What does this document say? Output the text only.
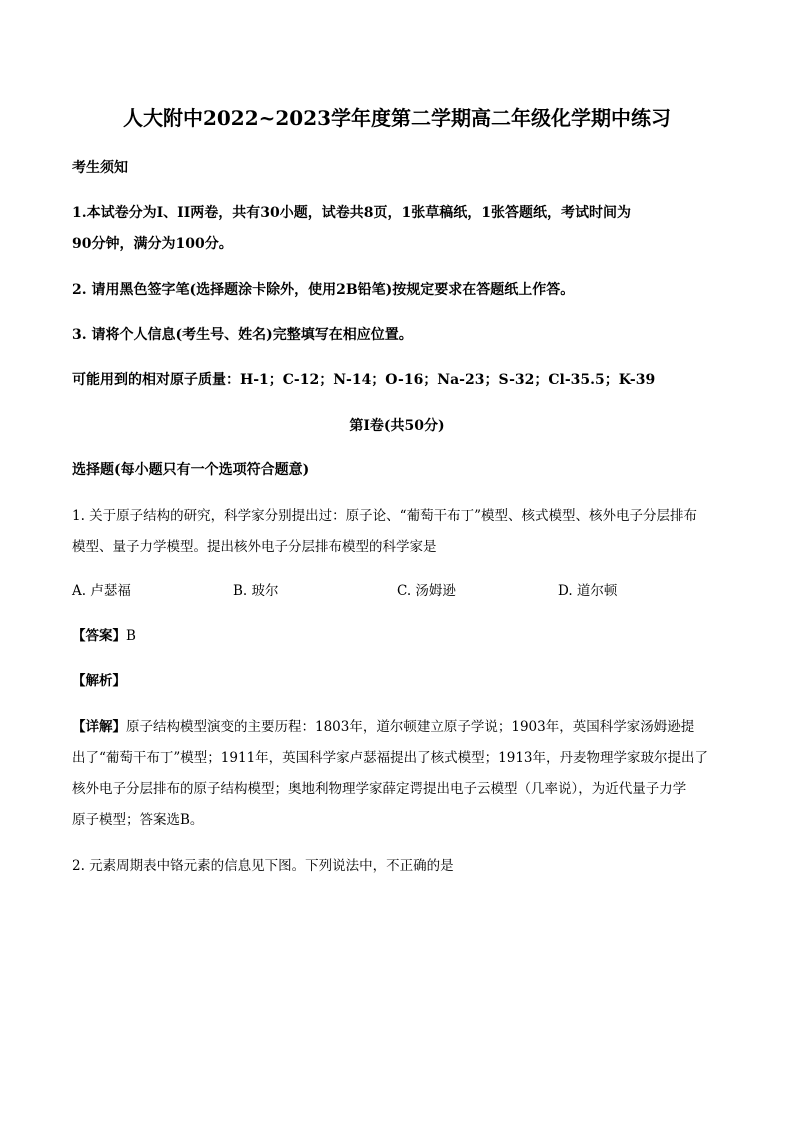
人大附中2022~2023学年度第二学期高二年级化学期中练习
考生须知
1.本试卷分为I、II两卷，共有30小题，试卷共8页，1张草稿纸，1张答题纸，考试时间为
90分钟，满分为100分。
2. 请用黑色签字笔(选择题涂卡除外，使用2B铅笔)按规定要求在答题纸上作答。
3. 请将个人信息(考生号、姓名)完整填写在相应位置。
可能用到的相对原子质量：H-1；C-12；N-14；O-16；Na-23；S-32；Cl-35.5；K-39
第I卷(共50分)
选择题(每小题只有一个选项符合题意)
1. 关于原子结构的研究，科学家分别提出过：原子论、“葡萄干布丁”模型、核式模型、核外电子分层排布
模型、量子力学模型。提出核外电子分层排布模型的科学家是
A. 卢瑟福	B. 玻尔	C. 汤姆逊	D. 道尔顿
【答案】B
【解析】
【详解】原子结构模型演变的主要历程：1803年，道尔顿建立原子学说；1903年，英国科学家汤姆逊提
出了“葡萄干布丁”模型；1911年，英国科学家卢瑟福提出了核式模型；1913年，丹麦物理学家玻尔提出了
核外电子分层排布的原子结构模型；奥地利物理学家薛定谔提出电子云模型（几率说），为近代量子力学
原子模型；答案选B。
2. 元素周期表中铬元素的信息见下图。下列说法中，不正确的是
